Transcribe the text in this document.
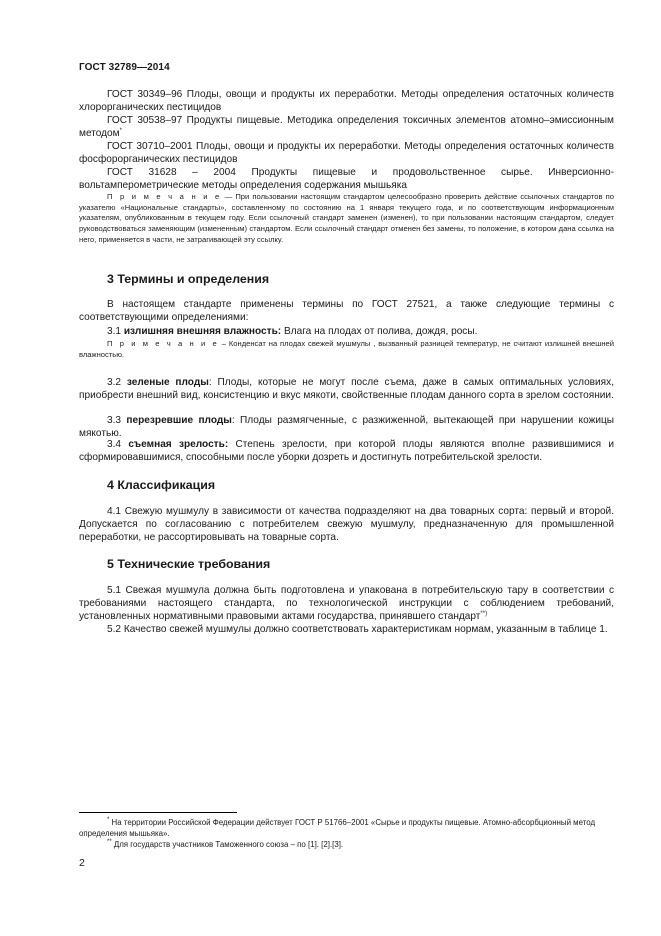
ГОСТ 32789—2014
ГОСТ 30349–96 Плоды, овощи и продукты их переработки. Методы определения остаточных количеств хлорорганических пестицидов
ГОСТ 30538–97 Продукты пищевые. Методика определения токсичных элементов атомно–эмиссионным методом*
ГОСТ 30710–2001 Плоды, овощи и продукты их переработки. Методы определения остаточных количеств фосфорорганических пестицидов
ГОСТ 31628 – 2004 Продукты пищевые и продовольственное сырье. Инверсионно-вольтамперометрические методы определения содержания мышьяка
П р и м е ч а н и е — При пользовании настоящим стандартом целесообразно проверить действие ссылочных стандартов по указателю «Национальные стандарты», составленному по состоянию на 1 января текущего года, и по соответствующим информационным указателям, опубликованным в текущем году. Если ссылочный стандарт заменен (изменен), то при пользовании настоящим стандартом, следует руководствоваться заменяющим (измененным) стандартом. Если ссылочный стандарт отменен без замены, то положение, в котором дана ссылка на него, применяется в части, не затрагивающей эту ссылку.
3 Термины и определения
В настоящем стандарте применены термины по ГОСТ 27521, а также следующие термины с соответствующими определениями:
3.1 излишняя внешняя влажность: Влага на плодах от полива, дождя, росы.
П р и м е ч а н и е – Конденсат на плодах свежей мушмулы , вызванный разницей температур, не считают излишней внешней влажностью.
3.2 зеленые плоды: Плоды, которые не могут после съема, даже в самых оптимальных условиях, приобрести внешний вид, консистенцию и вкус мякоти, свойственные плодам данного сорта в зрелом состоянии.
3.3 перезревшие плоды: Плоды размягченные, с разжиженной, вытекающей при нарушении кожицы мякотью.
3.4 съемная зрелость: Степень зрелости, при которой плоды являются вполне развившимися и сформировавшимися, способными после уборки дозреть и достигнуть потребительской зрелости.
4 Классификация
4.1 Свежую мушмулу в зависимости от качества подразделяют на два товарных сорта: первый и второй. Допускается по согласованию с потребителем свежую мушмулу, предназначенную для промышленной переработки, не рассортировывать на товарные сорта.
5 Технические требования
5.1 Свежая мушмула должна быть подготовлена и упакована в потребительскую тару в соответствии с требованиями настоящего стандарта, по технологической инструкции с соблюдением требований, установленных нормативными правовыми актами государства, принявшего стандарт**)
5.2 Качество свежей мушмулы должно соответствовать характеристикам нормам, указанным в таблице 1.
* На территории Российской Федерации действует ГОСТ Р 51766–2001 «Сырье и продукты пищевые. Атомно-абсорбционный метод определения мышьяка».
** Для государств участников Таможенного союза – по [1]. [2].[3].
2
